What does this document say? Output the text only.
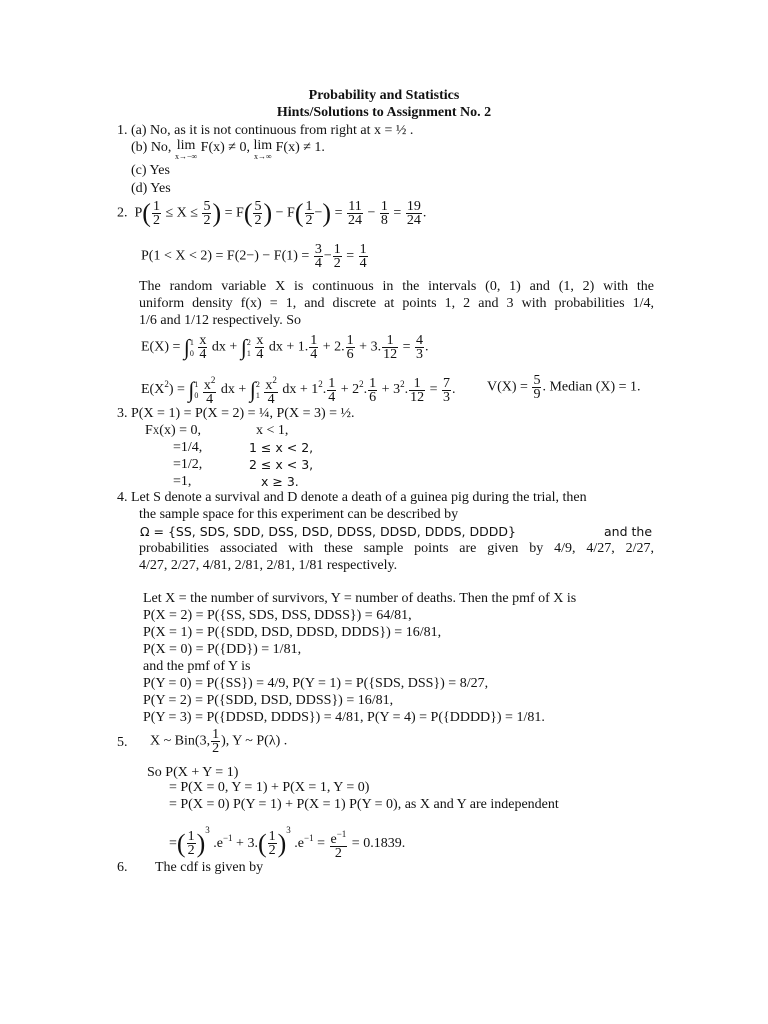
Probability and Statistics
Hints/Solutions to Assignment No. 2
1. (a) No, as it is not continuous from right at x = ½ .
(b) No, lim
x→−∞
F(x) ≠ 0, lim
x→∞
F(x) ≠ 1.
(c) Yes
(d) Yes
2. $P( \frac{1}{2} \le X \le \frac{5}{2}$ ) = $F( \frac{5}{2}$ ) − $F( \frac{1}{2}$ −) = $\frac{11}{24} - \frac{1}{8} = \frac{19}{24}$ .
$P(1 < X < 2) = F(2-) - F(1) = \frac{3}{4} - \frac{1}{2} = \frac{1}{4}$
The random variable X is continuous in the intervals (0, 1) and (1, 2) with the
uniform density f(x) = 1, and discrete at points 1, 2 and 3 with probabilities 1/4,
1/6 and 1/12 respectively. So
E(X) = ∫ 1
0
$\frac{x}{4}$ dx + ∫ 2
1
$\frac{x}{4}$ dx + 1. $\frac{1}{4} + 2$. $\frac{1}{6} + 3$. $\frac{1}{12} = \frac{4}{3}$ .
$E(X^2)$ = ∫ 1
0
$\frac{x^2}{4}$ dx + ∫ 2
1
$\frac{x^2}{4}$ dx + $1^2$. $\frac{1}{4} + 2^2$. $\frac{1}{6} + 3^2$. $\frac{1}{12} = \frac{7}{3}$ . $V(X) = \frac{5}{9}$ . Median (X) = 1.
3. P(X = 1) = P(X = 2) = ¼, P(X = 3) = ½.
FX(x) = 0,	x < 1,
=1/4,	1 ≤ x < 2,
=1/2,	2 ≤ x < 3,
=1,	x ≥ 3.
4. Let S denote a survival and D denote a death of a guinea pig during the trial, then
the sample space for this experiment can be described by
Ω = {SS, SDS, SDD, DSS, DSD, DDSS, DDSD, DDDS, DDDD}	and the
probabilities associated with these sample points are given by 4/9, 4/27, 2/27,
4/27, 2/27, 4/81, 2/81, 2/81, 1/81 respectively.
Let X = the number of survivors, Y = number of deaths. Then the pmf of X is
P(X = 2) = P({SS, SDS, DSS, DDSS}) = 64/81,
P(X = 1) = P({SDD, DSD, DDSD, DDDS}) = 16/81,
P(X = 0) = P({DD}) = 1/81,
and the pmf of Y is
P(Y = 0) = P({SS}) = 4/9, P(Y = 1) = P({SDS, DSS}) = 8/27,
P(Y = 2) = P({SDD, DSD, DDSS}) = 16/81,
P(Y = 3) = P({DDSD, DDDS}) = 4/81, P(Y = 4) = P({DDDD}) = 1/81.
5. X ~ Bin(3, $\frac{1}{2}$ ), Y ~ P(λ) .
So P(X + Y = 1)
= P(X = 0, Y = 1) + P(X = 1, Y = 0)
= P(X = 0) P(Y = 1) + P(X = 1) P(Y = 0), as X and Y are independent
=( $\frac{1}{2} )^3$ $.e^{-1} + 3.( \frac{1}{2} )^3$ $.e^{-1} = \frac{e^{-1}}{2} = 0.1839$.
6. The cdf is given by
